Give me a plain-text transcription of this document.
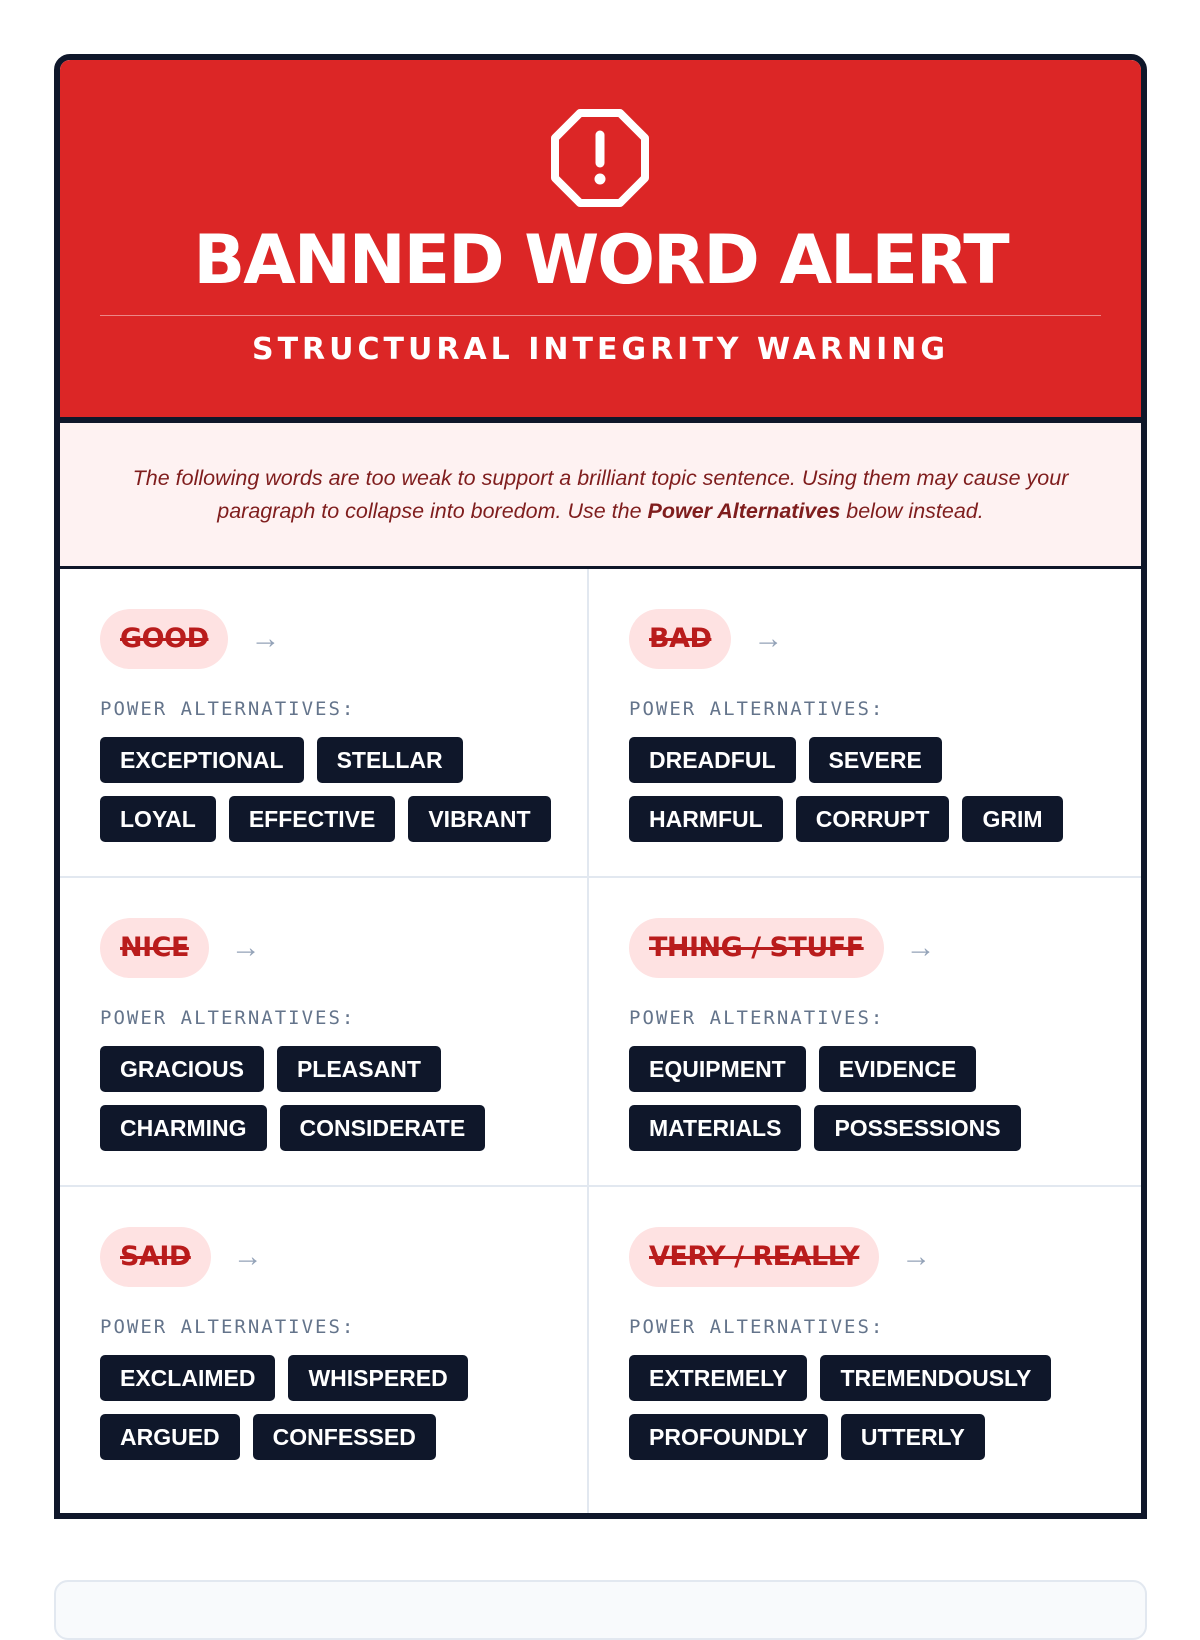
BANNED WORD ALERT
STRUCTURAL INTEGRITY WARNING
The following words are too weak to support a brilliant topic sentence. Using them may cause your paragraph to collapse into boredom. Use the Power Alternatives below instead.
GOOD	→
POWER ALTERNATIVES:
EXCEPTIONAL	STELLAR
LOYAL	EFFECTIVE	VIBRANT
BAD	→
POWER ALTERNATIVES:
DREADFUL	SEVERE
HARMFUL	CORRUPT	GRIM
NICE	→
POWER ALTERNATIVES:
GRACIOUS	PLEASANT
CHARMING	CONSIDERATE
THING / STUFF	→
POWER ALTERNATIVES:
EQUIPMENT	EVIDENCE
MATERIALS	POSSESSIONS
SAID	→
POWER ALTERNATIVES:
EXCLAIMED	WHISPERED
ARGUED	CONFESSED
VERY / REALLY	→
POWER ALTERNATIVES:
EXTREMELY	TREMENDOUSLY
PROFOUNDLY	UTTERLY
